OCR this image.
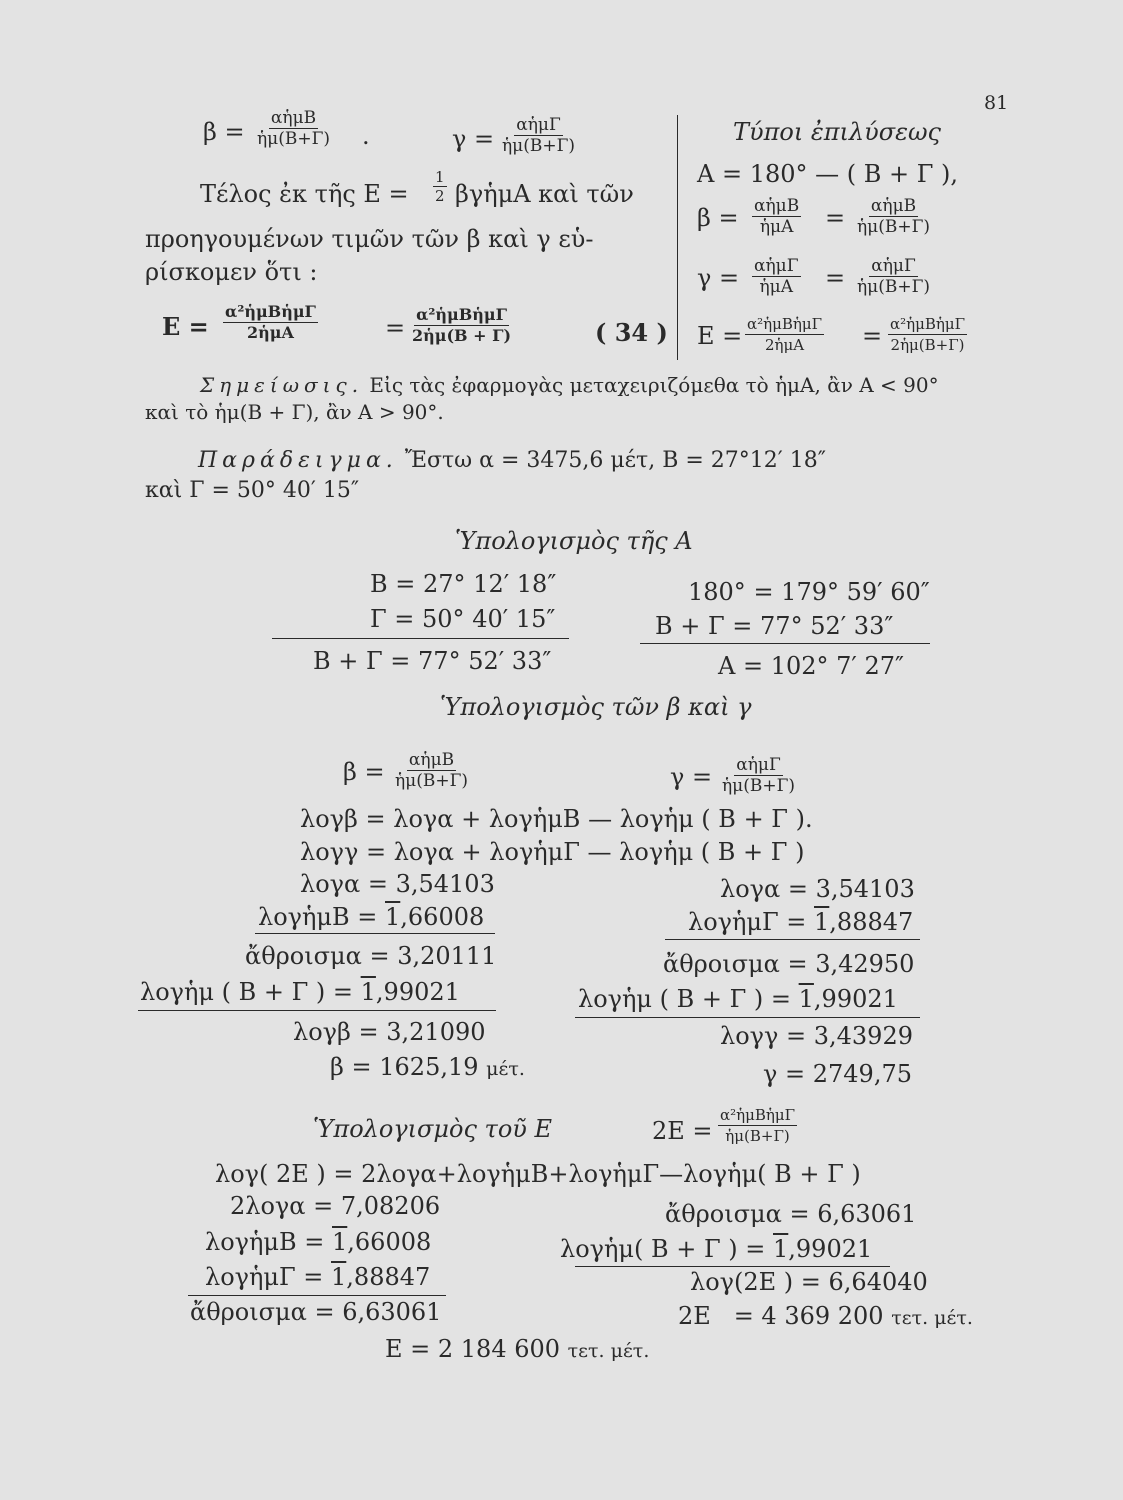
81
β = αἡμB
ἡμ(B+Γ) .	γ = αἡμΓ
ἡμ(B+Γ)
Τέλος ἐκ τῆς $E = \frac{1}{2}$ βγἡμA καὶ τῶν
προηγουμένων τιμῶν τῶν β καὶ γ εὑ-
ρίσκομεν ὅτι :
E =
α²ἡμBἡμΓ
2ἡμA	= α²ἡμBἡμΓ
2ἡμ(B + Γ)	( 34 )
Τύποι ἐπιλύσεως
A = 180° — ( B + Γ ),
β = αἡμB
ἡμA = αἡμB
ἡμ(B+Γ)
γ = αἡμΓ
ἡμA = αἡμΓ
ἡμ(B+Γ)
E = α²ἡμBἡμΓ
2ἡμA = α²ἡμBἡμΓ
2ἡμ(B+Γ)
Σημείωσις. Εἰς τὰς ἐφαρμογὰς μεταχειριζόμεθα τὸ ἡμA, ἂν A < 90°
καὶ τὸ ἡμ(B + Γ), ἂν A > 90°.
Παράδειγμα. Ἔστω α = 3475,6 μέτ, B = 27°12′ 18″
καὶ Γ = 50° 40′ 15″
Ὑπολογισμὸς τῆς A
B = 27° 12′ 18″
Γ = 50° 40′ 15″
B + Γ = 77° 52′ 33″
180° = 179° 59′ 60″
B + Γ = 77° 52′ 33″
A = 102° 7′ 27″
Ὑπολογισμὸς τῶν β καὶ γ
β = αἡμB
ἡμ(B+Γ)	γ = αἡμΓ
ἡμ(B+Γ)
λογβ = λογα + λογἡμB — λογἡμ ( B + Γ ).
λογγ = λογα + λογἡμΓ — λογἡμ ( B + Γ )
λογα = 3,54103
λογἡμB = 1,66008
ἄθροισμα = 3,20111
λογἡμ ( B + Γ ) = 1,99021
λογβ = 3,21090
β = 1625,19 μέτ.
λογα = 3,54103
λογἡμΓ = 1,88847
ἄθροισμα = 3,42950
λογἡμ ( B + Γ ) = 1,99021
λογγ = 3,43929
γ = 2749,75
Ὑπολογισμὸς τοῦ E	2E =
α²ἡμBἡμΓ
ἡμ(B+Γ)
λογ( 2E ) = 2λογα+λογἡμB+λογἡμΓ—λογἡμ( B + Γ )
2λογα = 7,08206
λογἡμB = 1,66008
λογἡμΓ = 1,88847
ἄθροισμα = 6,63061
ἄθροισμα = 6,63061
λογἡμ( B + Γ ) = 1,99021
λογ(2E ) = 6,64040
2E = 4 369 200 τετ. μέτ.
E = 2 184 600 τετ. μέτ.
